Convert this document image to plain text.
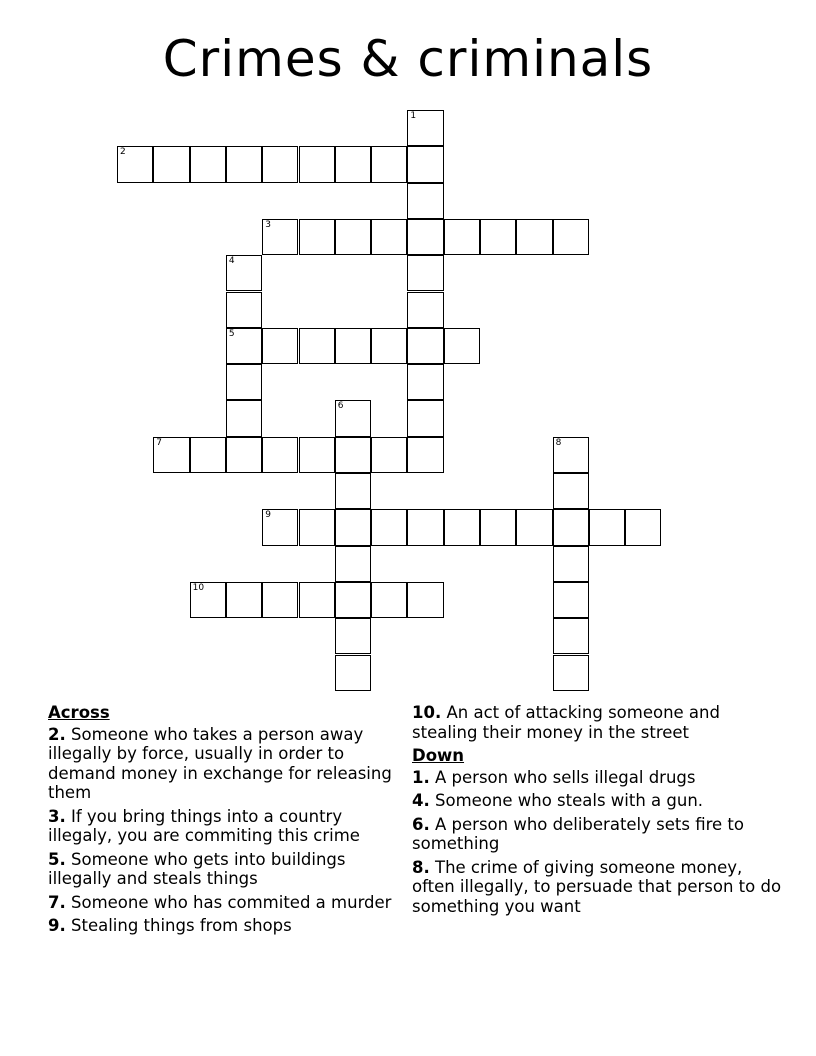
Crimes & criminals
1
2
3
4
5
6
7	8
9
10
Across
2. Someone who takes a person away illegally by force, usually in order to demand money in exchange for releasing them
3. If you bring things into a country illegaly, you are commiting this crime
5. Someone who gets into buildings illegally and steals things
7. Someone who has commited a murder
9. Stealing things from shops
10. An act of attacking someone and stealing their money in the street
Down
1. A person who sells illegal drugs
4. Someone who steals with a gun.
6. A person who deliberately sets fire to something
8. The crime of giving someone money, often illegally, to persuade that person to do something you want
